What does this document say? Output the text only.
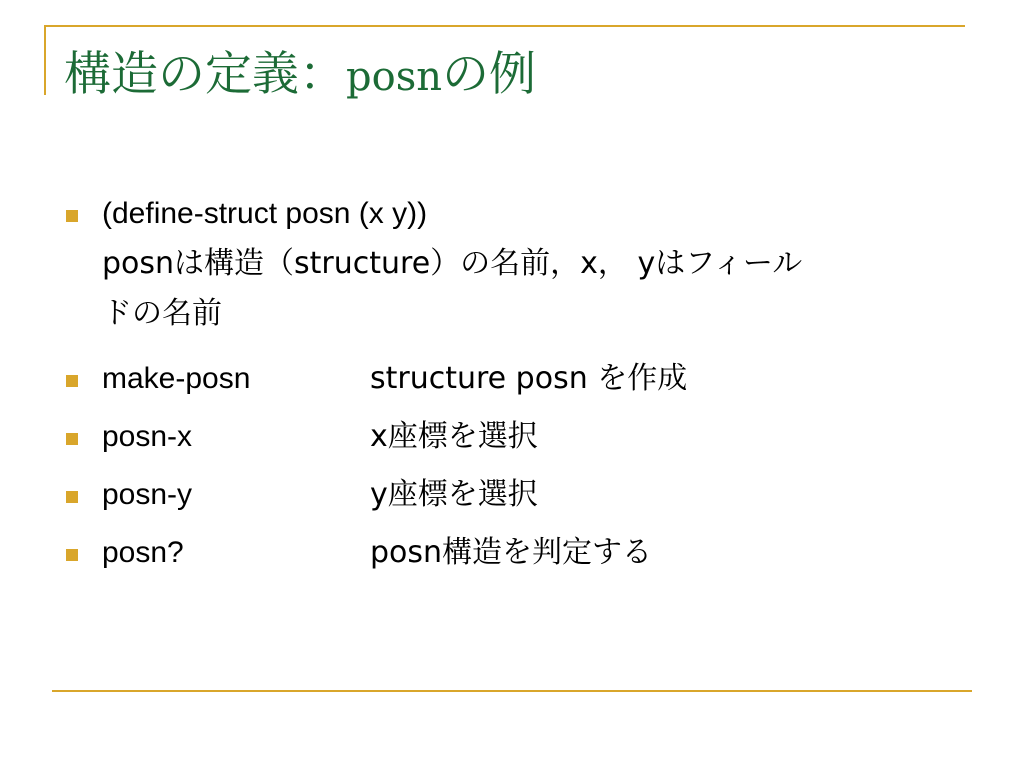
構造の定義：posnの例
(define-struct posn (x y))
posnは構造（structure）の名前，x， yはフィール
ドの名前
make-posn	structure posn を作成
posn-x	x座標を選択
posn-y	y座標を選択
posn?	posn構造を判定する
